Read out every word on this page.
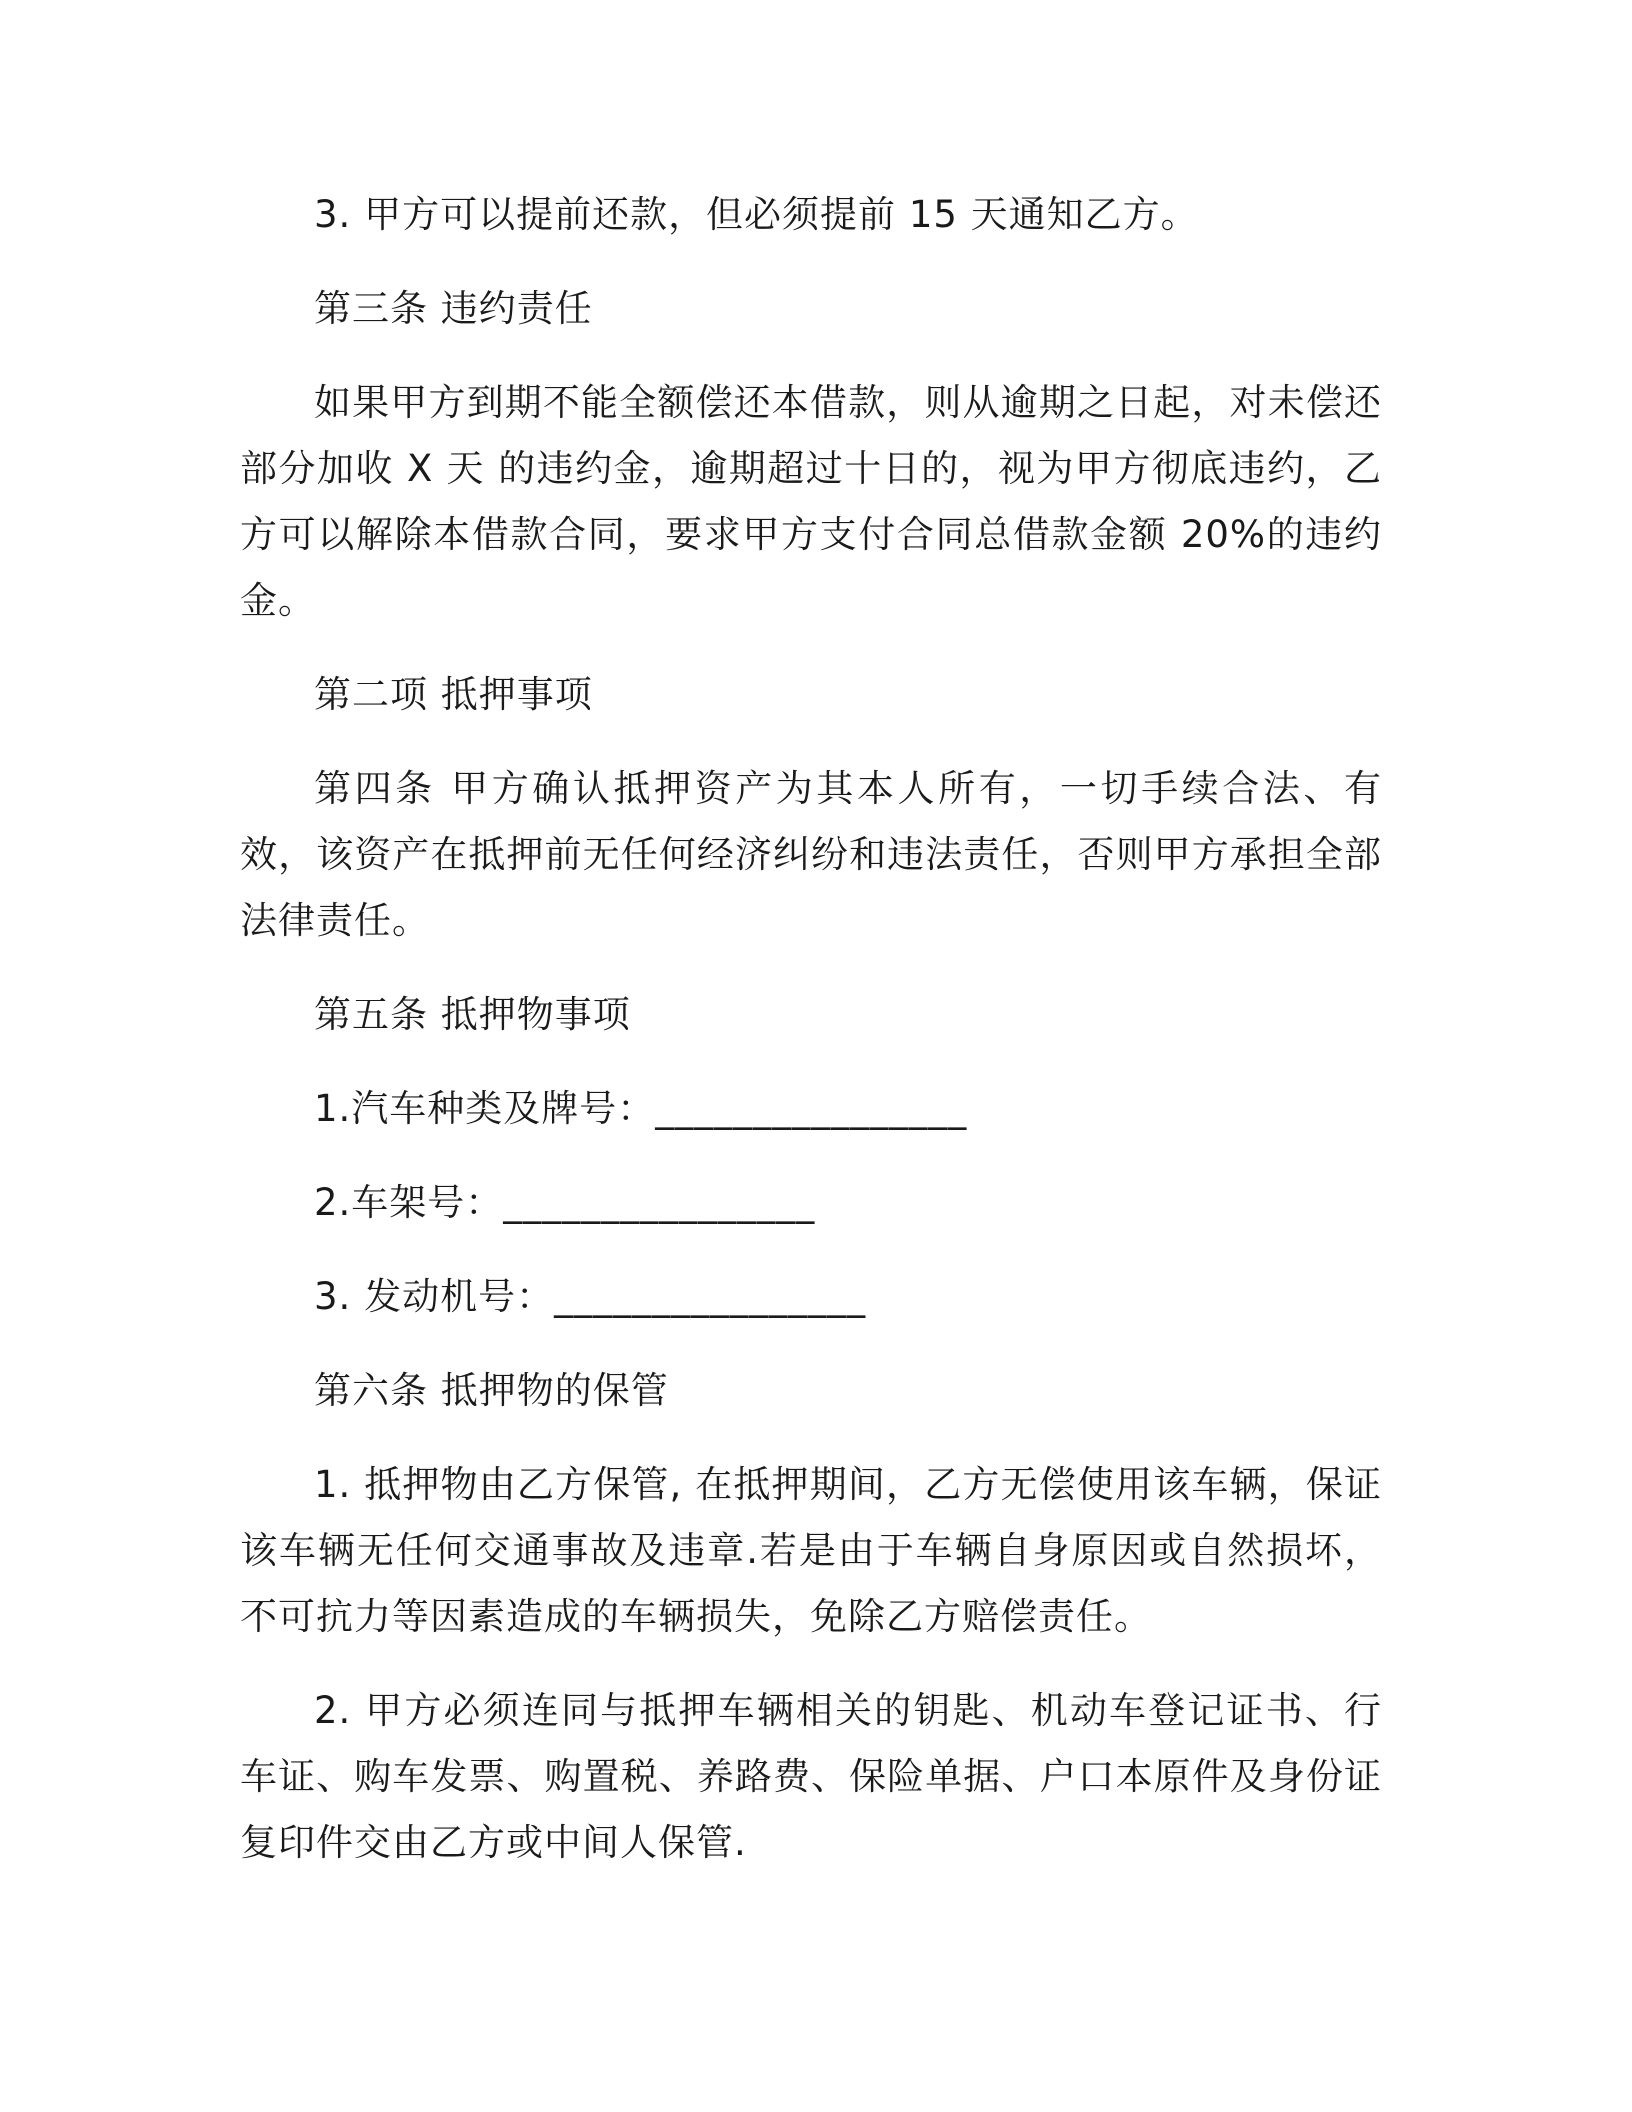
3. 甲方可以提前还款，但必须提前 15 天通知乙方。

第三条 违约责任

如果甲方到期不能全额偿还本借款，则从逾期之日起，对未偿还部分加收 X 天 的违约金，逾期超过十日的，视为甲方彻底违约，乙方可以解除本借款合同，要求甲方支付合同总借款金额 20%的违约金。

第二项 抵押事项

第四条 甲方确认抵押资产为其本人所有，一切手续合法、有效，该资产在抵押前无任何经济纠纷和违法责任，否则甲方承担全部法律责任。

第五条 抵押物事项

1.汽车种类及牌号：________________

2.车架号：________________

3. 发动机号：________________

第六条 抵押物的保管

1. 抵押物由乙方保管, 在抵押期间，乙方无偿使用该车辆，保证该车辆无任何交通事故及违章.若是由于车辆自身原因或自然损坏，不可抗力等因素造成的车辆损失，免除乙方赔偿责任。

2. 甲方必须连同与抵押车辆相关的钥匙、机动车登记证书、行车证、购车发票、购置税、养路费、保险单据、户口本原件及身份证复印件交由乙方或中间人保管.
